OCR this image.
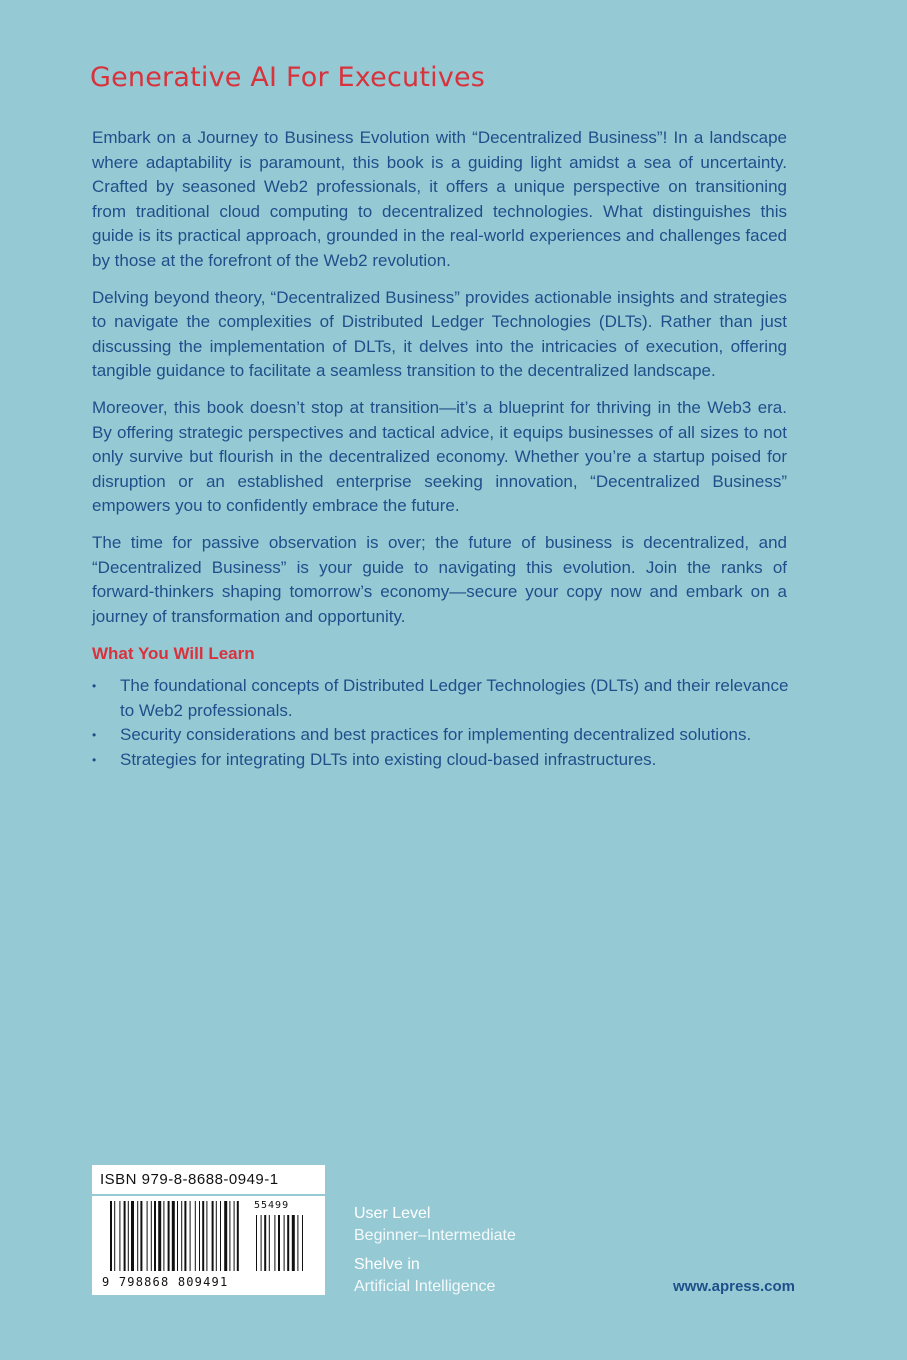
Generative AI For Executives

Embark on a Journey to Business Evolution with “Decentralized Business”! In a landscape where adaptability is paramount, this book is a guiding light amidst a sea of uncertainty. Crafted by seasoned Web2 professionals, it offers a unique perspective on transitioning from traditional cloud computing to decentralized technologies. What distinguishes this guide is its practical approach, grounded in the real-world experiences and challenges faced by those at the forefront of the Web2 revolution.

Delving beyond theory, “Decentralized Business” provides actionable insights and strategies to navigate the complexities of Distributed Ledger Technologies (DLTs). Rather than just discussing the implementation of DLTs, it delves into the intricacies of execution, offering tangible guidance to facilitate a seamless transition to the decentralized landscape.

Moreover, this book doesn’t stop at transition—it’s a blueprint for thriving in the Web3 era. By offering strategic perspectives and tactical advice, it equips businesses of all sizes to not only survive but flourish in the decentralized economy. Whether you’re a startup poised for disruption or an established enterprise seeking innovation, “Decentralized Business” empowers you to confidently embrace the future.

The time for passive observation is over; the future of business is decentralized, and “Decentralized Business” is your guide to navigating this evolution. Join the ranks of forward-thinkers shaping tomorrow’s economy—secure your copy now and embark on a journey of transformation and opportunity.

What You Will Learn
• The foundational concepts of Distributed Ledger Technologies (DLTs) and their relevance to Web2 professionals.
• Security considerations and best practices for implementing decentralized solutions.
• Strategies for integrating DLTs into existing cloud-based infrastructures.
ISBN 979-8-8688-0949-1
55499
9 798868 809491
User Level
Beginner–Intermediate
Shelve in
Artificial Intelligence	www.apress.com
